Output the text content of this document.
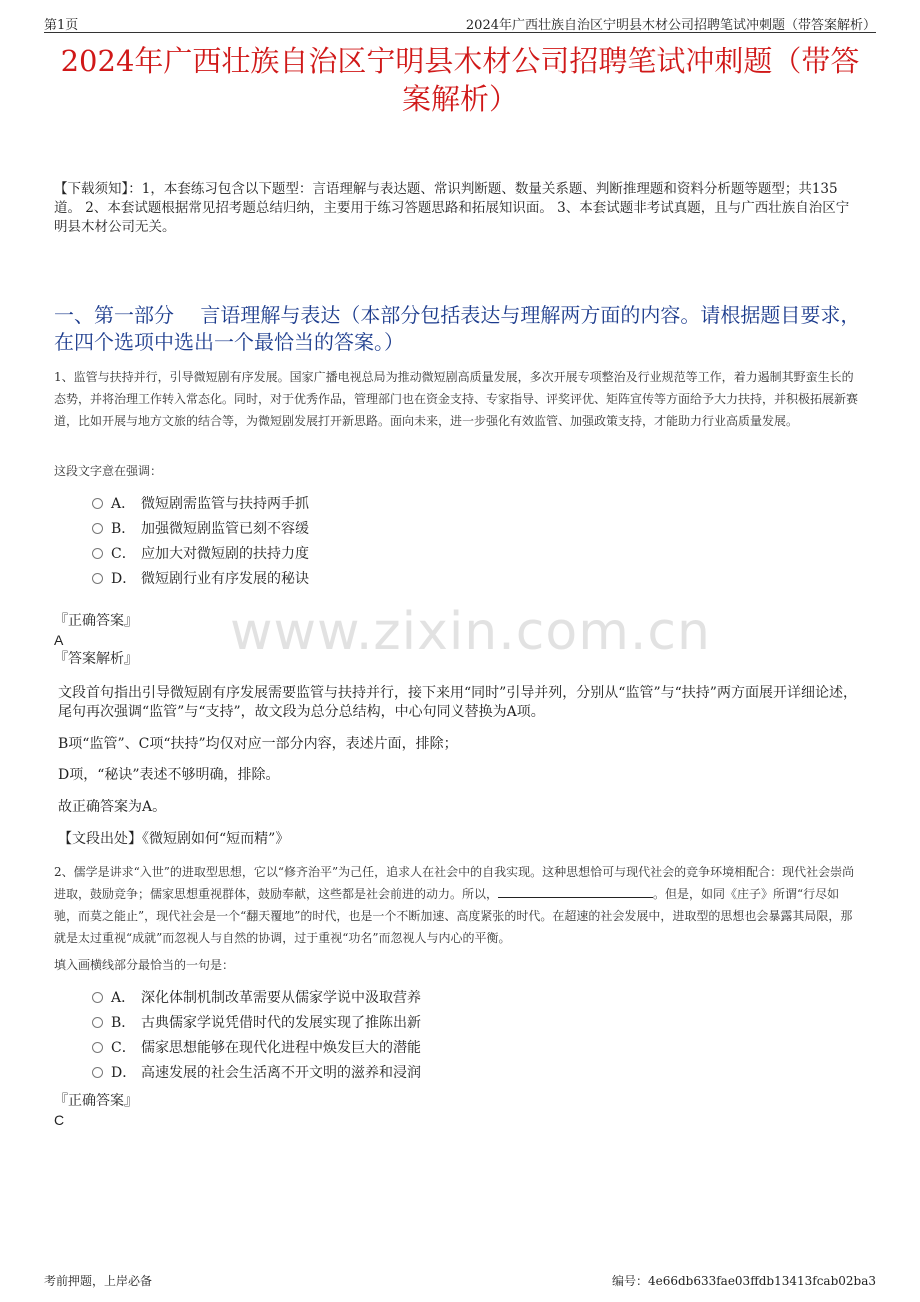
第1页	2024年广西壮族自治区宁明县木材公司招聘笔试冲刺题（带答案解析）
2024年广西壮族自治区宁明县木材公司招聘笔试冲刺题（带答
案解析）
【下载须知】：1，本套练习包含以下题型：言语理解与表达题、常识判断题、数量关系题、判断推理题和资料分析题等题型；共135道。 2、本套试题根据常见招考题总结归纳，主要用于练习答题思路和拓展知识面。 3、本套试题非考试真题，且与广西壮族自治区宁明县木材公司无关。
一、第一部分　 言语理解与表达（本部分包括表达与理解两方面的内容。请根据题目要求，在四个选项中选出一个最恰当的答案。）
1、监管与扶持并行，引导微短剧有序发展。国家广播电视总局为推动微短剧高质量发展，多次开展专项整治及行业规范等工作，着力遏制其野蛮生长的态势，并将治理工作转入常态化。同时，对于优秀作品，管理部门也在资金支持、专家指导、评奖评优、矩阵宣传等方面给予大力扶持，并积极拓展新赛道，比如开展与地方文旅的结合等，为微短剧发展打开新思路。面向未来，进一步强化有效监管、加强政策支持，才能助力行业高质量发展。
这段文字意在强调：
A． 微短剧需监管与扶持两手抓
B． 加强微短剧监管已刻不容缓
C． 应加大对微短剧的扶持力度
D． 微短剧行业有序发展的秘诀
『正确答案』
A
『答案解析』	www.zixin.com.cn
文段首句指出引导微短剧有序发展需要监管与扶持并行，接下来用“同时”引导并列，分别从“监管”与“扶持”两方面展开详细论述，尾句再次强调“监管”与“支持”，故文段为总分总结构，中心句同义替换为A项。
B项“监管”、C项“扶持”均仅对应一部分内容，表述片面，排除；
D项，“秘诀”表述不够明确，排除。
故正确答案为A。
【文段出处】《微短剧如何“短而精”》
2、儒学是讲求“入世”的进取型思想，它以“修齐治平”为己任，追求人在社会中的自我实现。这种思想恰可与现代社会的竞争环境相配合：现代社会崇尚进取，鼓励竞争；儒家思想重视群体，鼓励奉献，这些都是社会前进的动力。所以，	。但是，如同《庄子》所谓“行尽如驰，而莫之能止”，现代社会是一个“翻天覆地”的时代，也是一个不断加速、高度紧张的时代。在超速的社会发展中，进取型的思想也会暴露其局限，那就是太过重视“成就”而忽视人与自然的协调，过于重视“功名”而忽视人与内心的平衡。
填入画横线部分最恰当的一句是：
A． 深化体制机制改革需要从儒家学说中汲取营养
B． 古典儒家学说凭借时代的发展实现了推陈出新
C． 儒家思想能够在现代化进程中焕发巨大的潜能
D． 高速发展的社会生活离不开文明的滋养和浸润
『正确答案』
C
考前押题，上岸必备	编号：4e66db633fae03ffdb13413fcab02ba3
